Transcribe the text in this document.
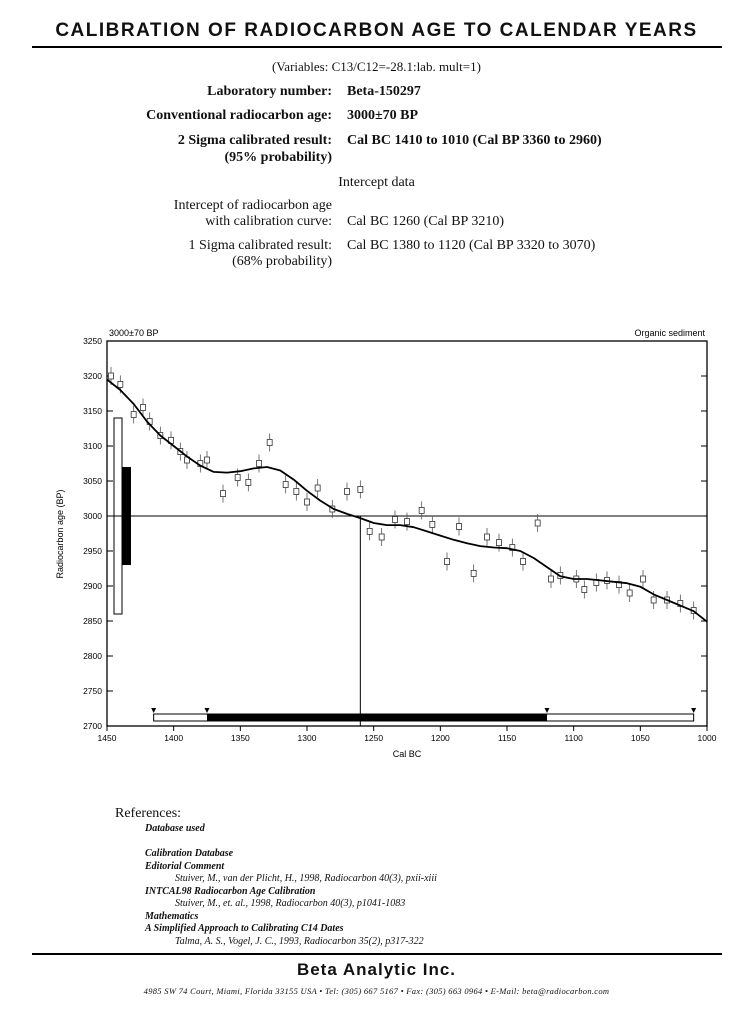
CALIBRATION OF RADIOCARBON AGE TO CALENDAR YEARS
(Variables: C13/C12=-28.1:lab. mult=1)
Laboratory number: Beta-150297
Conventional radiocarbon age: 3000±70 BP
2 Sigma calibrated result: Cal BC 1410 to 1010 (Cal BP 3360 to 2960)
(95% probability)
Intercept data
Intercept of radiocarbon age
with calibration curve: Cal BC 1260 (Cal BP 3210)
1 Sigma calibrated result: Cal BC 1380 to 1120 (Cal BP 3320 to 3070)
(68% probability)
3000±70 BP	Organic sediment
Cal BC
Radiocarbon age (BP)
3250
3200
3150
3100
3050
3000
2950
2900
2850
2800
2750
2700
1450	1400	1350	1300	1250	1200	1150	1100	1050	1000
References:
Database used
Calibration Database
Editorial Comment
Stuiver, M., van der Plicht, H., 1998, Radiocarbon 40(3), pxii-xiii
INTCAL98 Radiocarbon Age Calibration
Stuiver, M., et. al., 1998, Radiocarbon 40(3), p1041-1083
Mathematics
A Simplified Approach to Calibrating C14 Dates
Talma, A. S., Vogel, J. C., 1993, Radiocarbon 35(2), p317-322
Beta Analytic Inc.
4985 SW 74 Court, Miami, Florida 33155 USA • Tel: (305) 667 5167 • Fax: (305) 663 0964 • E-Mail: beta@radiocarbon.com
